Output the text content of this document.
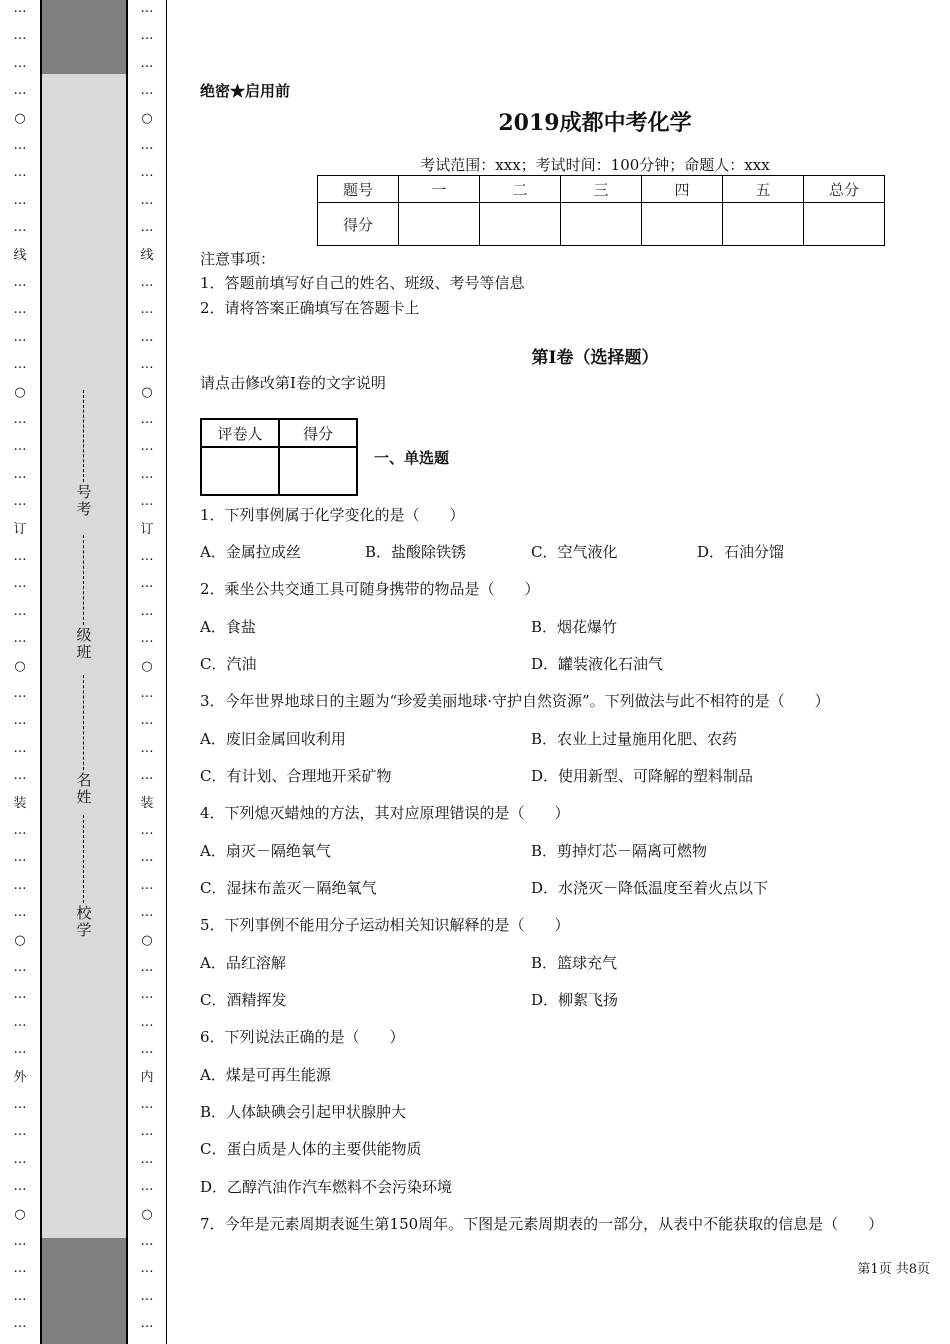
…
…
…
…
○
…
…
…
…
线
…
…
…
…
○
…
…
…
…
订
…
…
…
…
○
…
…
…
…
装
…
…
…
…
○
…
…
…
…
外
…
…
…
…
○
…
…
…
…
…
…
…
…
○
…
…
…
…
线
…
…
…
…
○
…
…
…
…
订
…
…
…
…
○
…
…
…
…
装
…
…
…
…
○
…
…
…
…
内
…
…
…
…
○
…
…
…
…
号
考
级
班
名
姓
校
学
绝密★启用前
2019成都中考化学
考试范围：xxx；考试时间：100分钟；命题人：xxx
题号	一	二	三	四	五	总分
得分						
注意事项：
1．答题前填写好自己的姓名、班级、考号等信息
2．请将答案正确填写在答题卡上
第I卷（选择题）
请点击修改第I卷的文字说明
评卷人	得分

一、单选题
1．下列事例属于化学变化的是（　　）
A．金属拉成丝	B．盐酸除铁锈	C．空气液化	D．石油分馏
2．乘坐公共交通工具可随身携带的物品是（　　）
A．食盐	B．烟花爆竹
C．汽油	D．罐装液化石油气
3．今年世界地球日的主题为“珍爱美丽地球·守护自然资源”。下列做法与此不相符的是（　　）
A．废旧金属回收利用	B．农业上过量施用化肥、农药
C．有计划、合理地开采矿物	D．使用新型、可降解的塑料制品
4．下列熄灭蜡烛的方法，其对应原理错误的是（　　）
A．扇灭－隔绝氧气	B．剪掉灯芯－隔离可燃物
C．湿抹布盖灭－隔绝氧气	D．水浇灭－降低温度至着火点以下
5．下列事例不能用分子运动相关知识解释的是（　　）
A．品红溶解	B．篮球充气
C．酒精挥发	D．柳絮飞扬
6．下列说法正确的是（　　）
A．煤是可再生能源
B．人体缺碘会引起甲状腺肿大
C．蛋白质是人体的主要供能物质
D．乙醇汽油作汽车燃料不会污染环境
7．今年是元素周期表诞生第150周年。下图是元素周期表的一部分，从表中不能获取的信息是（　　）
第1页 共8页
